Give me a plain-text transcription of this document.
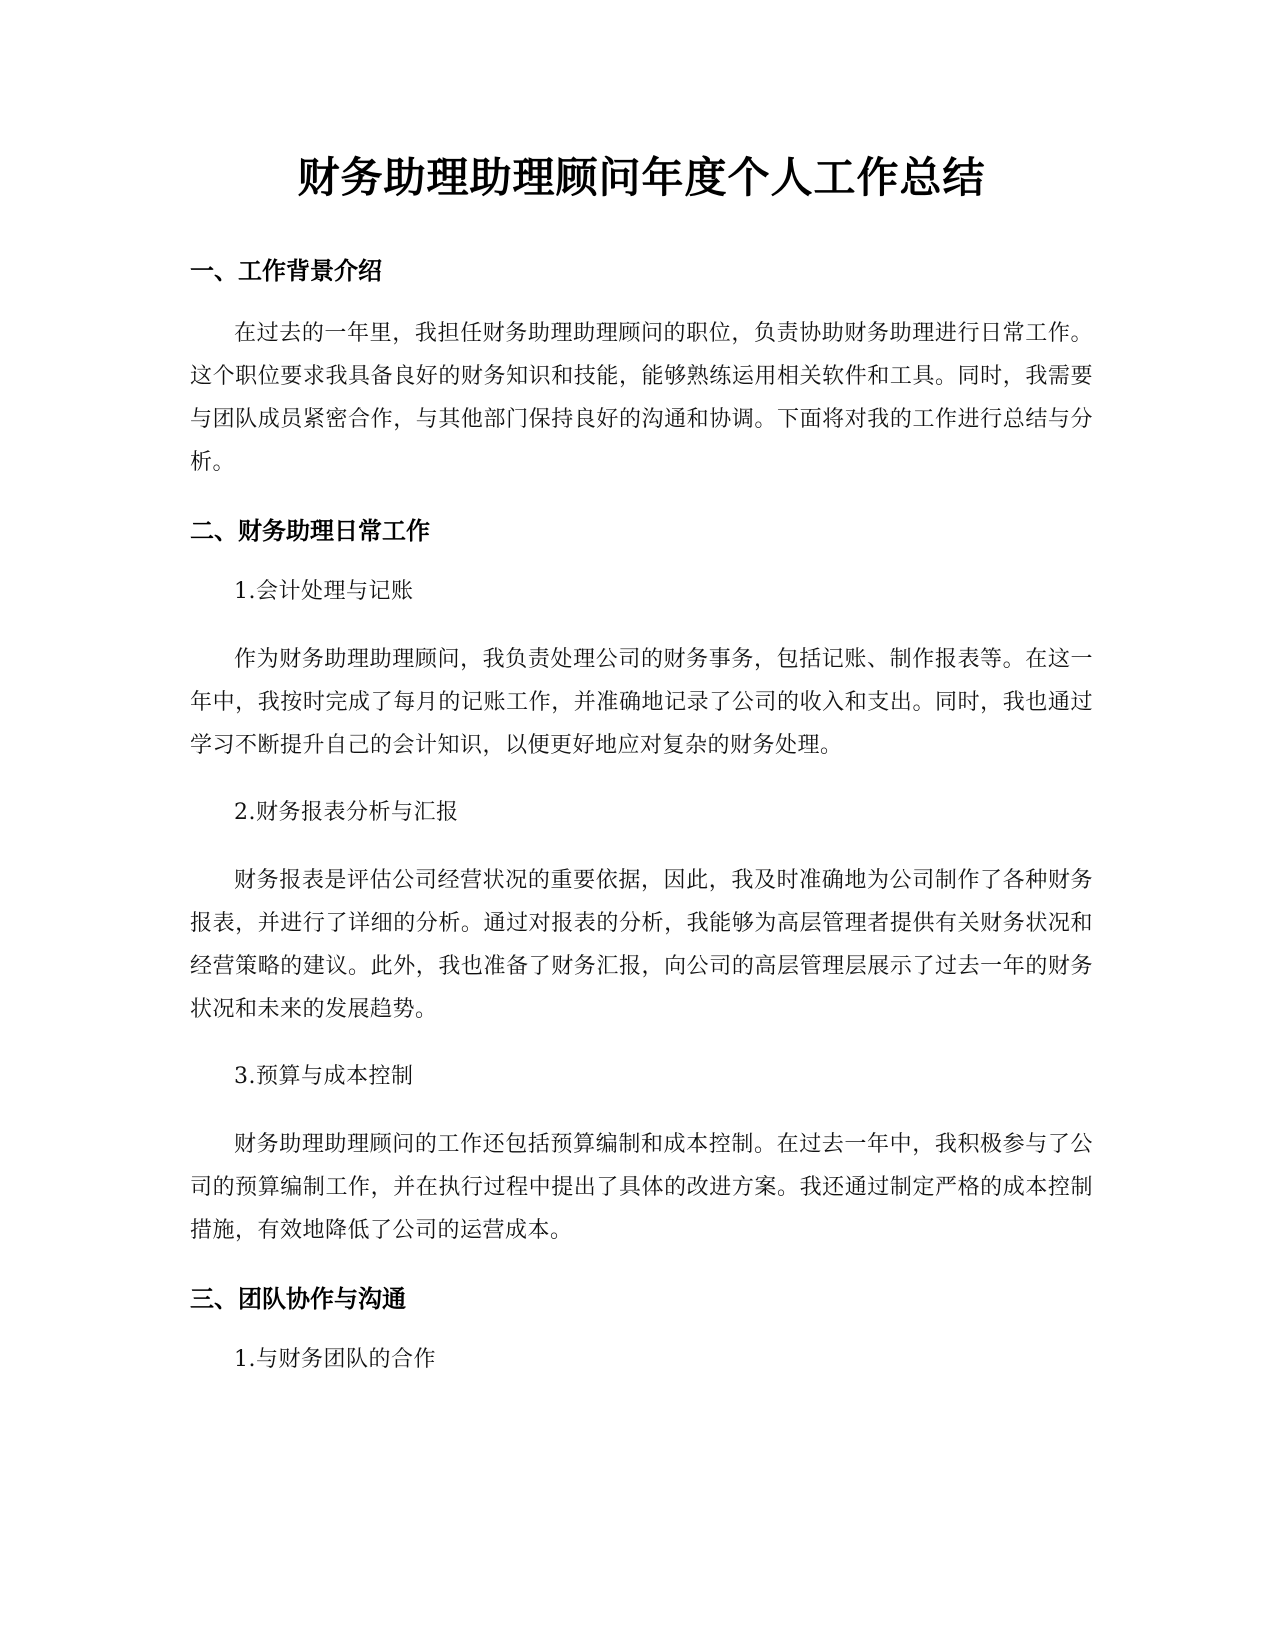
财务助理助理顾问年度个人工作总结
一、工作背景介绍

在过去的一年里，我担任财务助理助理顾问的职位，负责协助财务助理进行日常工作。这个职位要求我具备良好的财务知识和技能，能够熟练运用相关软件和工具。同时，我需要与团队成员紧密合作，与其他部门保持良好的沟通和协调。下面将对我的工作进行总结与分析。

二、财务助理日常工作
1.会计处理与记账

作为财务助理助理顾问，我负责处理公司的财务事务，包括记账、制作报表等。在这一年中，我按时完成了每月的记账工作，并准确地记录了公司的收入和支出。同时，我也通过学习不断提升自己的会计知识，以便更好地应对复杂的财务处理。

2.财务报表分析与汇报

财务报表是评估公司经营状况的重要依据，因此，我及时准确地为公司制作了各种财务报表，并进行了详细的分析。通过对报表的分析，我能够为高层管理者提供有关财务状况和经营策略的建议。此外，我也准备了财务汇报，向公司的高层管理层展示了过去一年的财务状况和未来的发展趋势。

3.预算与成本控制

财务助理助理顾问的工作还包括预算编制和成本控制。在过去一年中，我积极参与了公司的预算编制工作，并在执行过程中提出了具体的改进方案。我还通过制定严格的成本控制措施，有效地降低了公司的运营成本。

三、团队协作与沟通
1.与财务团队的合作
